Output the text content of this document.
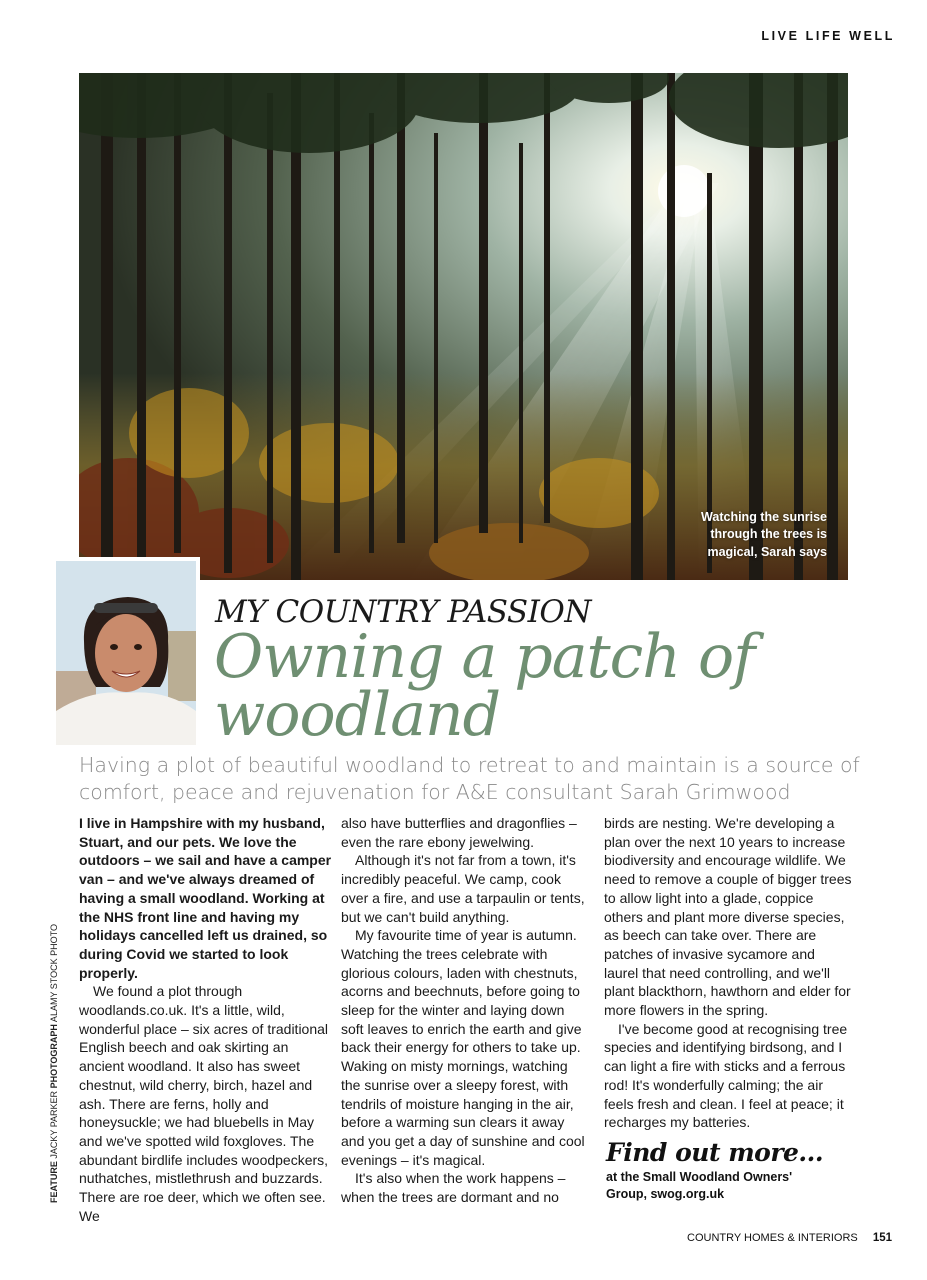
LIVE LIFE WELL
Watching the sunrise through the trees is magical, Sarah says
MY COUNTRY PASSION
Owning a patch of woodland
Having a plot of beautiful woodland to retreat to and maintain is a source of comfort, peace and rejuvenation for A&E consultant Sarah Grimwood

I live in Hampshire with my husband, Stuart, and our pets. We love the outdoors – we sail and have a camper van – and we've always dreamed of having a small woodland. Working at the NHS front line and having my holidays cancelled left us drained, so during Covid we started to look properly.

We found a plot through woodlands.co.uk. It's a little, wild, wonderful place – six acres of traditional English beech and oak skirting an ancient woodland. It also has sweet chestnut, wild cherry, birch, hazel and ash. There are ferns, holly and honeysuckle; we had bluebells in May and we've spotted wild foxgloves. The abundant birdlife includes woodpeckers, nuthatches, mistlethrush and buzzards. There are roe deer, which we often see. We

also have butterflies and dragonflies – even the rare ebony jewelwing.

Although it's not far from a town, it's incredibly peaceful. We camp, cook over a fire, and use a tarpaulin or tents, but we can't build anything.

My favourite time of year is autumn. Watching the trees celebrate with glorious colours, laden with chestnuts, acorns and beechnuts, before going to sleep for the winter and laying down soft leaves to enrich the earth and give back their energy for others to take up. Waking on misty mornings, watching the sunrise over a sleepy forest, with tendrils of moisture hanging in the air, before a warming sun clears it away and you get a day of sunshine and cool evenings – it's magical.

It's also when the work happens – when the trees are dormant and no

birds are nesting. We're developing a plan over the next 10 years to increase biodiversity and encourage wildlife. We need to remove a couple of bigger trees to allow light into a glade, coppice others and plant more diverse species, as beech can take over. There are patches of invasive sycamore and laurel that need controlling, and we'll plant blackthorn, hawthorn and elder for more flowers in the spring.

I've become good at recognising tree species and identifying birdsong, and I can light a fire with sticks and a ferrous rod! It's wonderfully calming; the air feels fresh and clean. I feel at peace; it recharges my batteries.

Find out more...
at the Small Woodland Owners' Group, swog.org.uk
FEATURE JACKY PARKER PHOTOGRAPH ALAMY STOCK PHOTO
COUNTRY HOMES & INTERIORS 151
